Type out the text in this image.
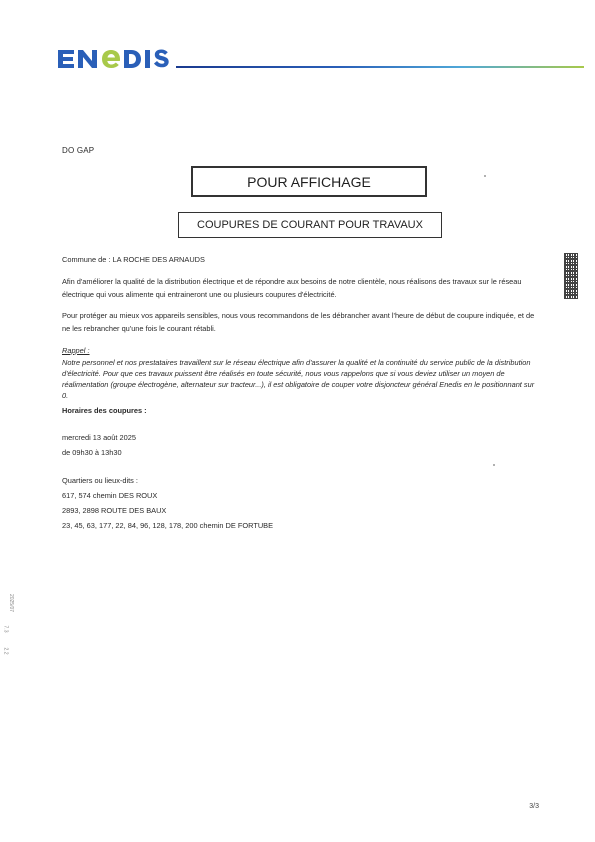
DO GAP
POUR AFFICHAGE
COUPURES DE COURANT POUR TRAVAUX
Commune de : LA ROCHE DES ARNAUDS
Afin d'améliorer la qualité de la distribution électrique et de répondre aux besoins de notre clientèle, nous réalisons des travaux sur le réseau électrique qui vous alimente qui entraineront une ou plusieurs coupures d'électricité.
Pour protéger au mieux vos appareils sensibles, nous vous recommandons de les débrancher avant l'heure de début de coupure indiquée, et de ne les rebrancher qu'une fois le courant rétabli.
Rappel :
Notre personnel et nos prestataires travaillent sur le réseau électrique afin d'assurer la qualité et la continuité du service public de la distribution d'électricité. Pour que ces travaux puissent être réalisés en toute sécurité, nous vous rappelons que si vous deviez utiliser un moyen de réalimentation (groupe électrogène, alternateur sur tracteur...), il est obligatoire de couper votre disjoncteur général Enedis en le positionnant sur 0.
Horaires des coupures :
mercredi 13 août 2025
de 09h30 à 13h30
Quartiers ou lieux-dits :
617, 574 chemin DES ROUX
2893, 2898 ROUTE DES BAUX
23, 45, 63, 177, 22, 84, 96, 128, 178, 200 chemin DE FORTUBE
2025/07
7.3
2.2
3/3
